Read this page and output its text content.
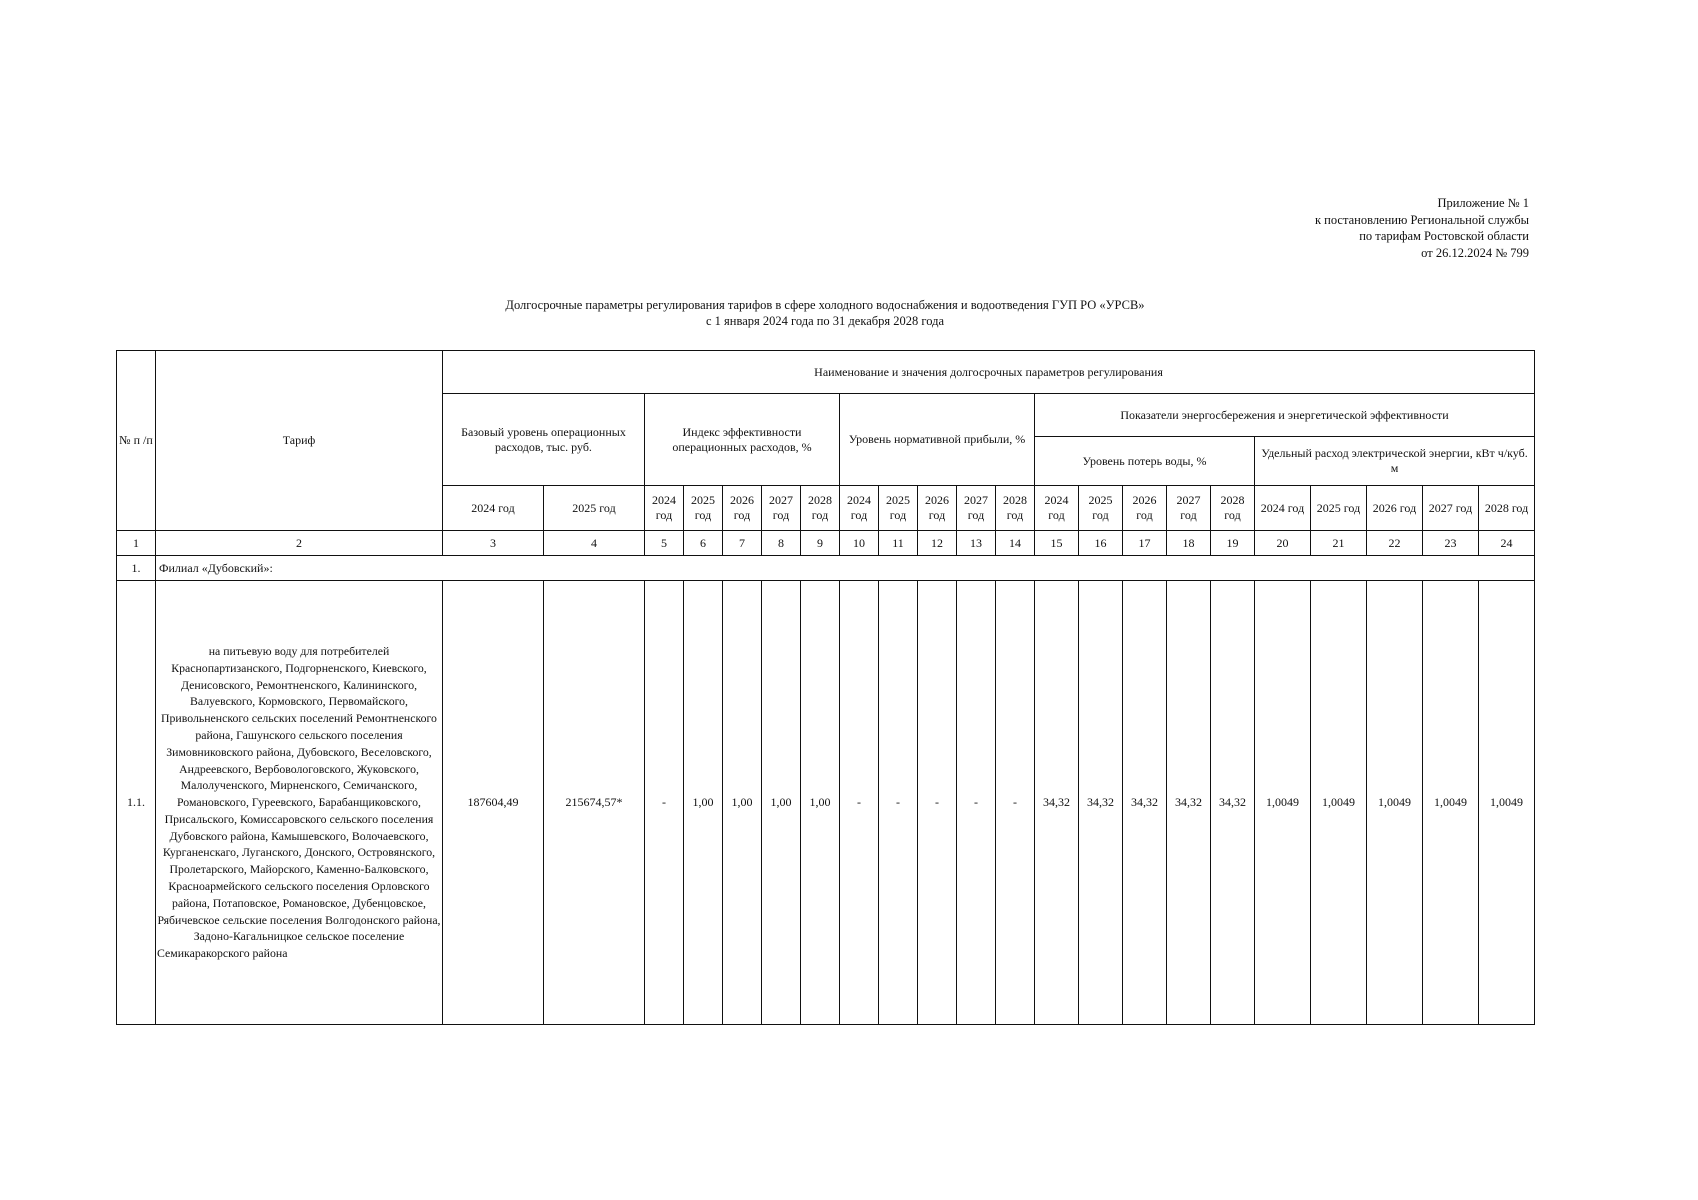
Приложение № 1
к постановлению Региональной службы
по тарифам Ростовской области
от 26.12.2024 № 799
Долгосрочные параметры регулирования тарифов в сфере холодного водоснабжения и водоотведения ГУП РО «УРСВ»
с 1 января 2024 года по 31 декабря 2028 года
№ п /п	Тариф	Наименование и значения долгосрочных параметров регулирования																					
		Базовый уровень операционных расходов, тыс. руб.		Индекс эффективности операционных расходов, %					Уровень нормативной прибыли, %					Показатели энергосбережения и энергетической эффективности									
														Уровень потерь воды, %					Удельный расход электрической энергии, кВт ч/куб. м				
		2024 год	2025 год	2024 год	2025 год	2026 год	2027 год	2028 год	2024 год	2025 год	2026 год	2027 год	2028 год	2024 год	2025 год	2026 год	2027 год	2028 год	2024 год	2025 год	2026 год	2027 год	2028 год
1	2	3	4	5	6	7	8	9	10	11	12	13	14	15	16	17	18	19	20	21	22	23	24
1.	Филиал «Дубовский»:																						
1.1.	на питьевую воду для потребителей Краснопартизанского, Подгорненского, Киевского, Денисовского, Ремонтненского, Калининского, Валуевского, Кормовского, Первомайского, Привольненского сельских поселений Ремонтненского района, Гашунского сельского поселения Зимовниковского района, Дубовского, Веселовского, Андреевского, Вербовологовского, Жуковского, Малолученского, Мирненского, Семичанского, Романовского, Гуреевского, Барабанщиковского, Присальского, Комиссаровского сельского поселения Дубовского района, Камышевского, Волочаевского, Курганенскаго, Луганского, Донского, Островянского, Пролетарского, Майорского, Каменно-Балковского, Красноармейского сельского поселения Орловского района, Потаповское, Романовское, Дубенцовское, Рябичевское сельские поселения Волгодонского района, Задоно-Кагальницкое сельское поселение Семикаракорского района	187604,49	215674,57*	-	1,00	1,00	1,00	1,00	-	-	-	-	-	34,32	34,32	34,32	34,32	34,32	1,0049	1,0049	1,0049	1,0049	1,0049
